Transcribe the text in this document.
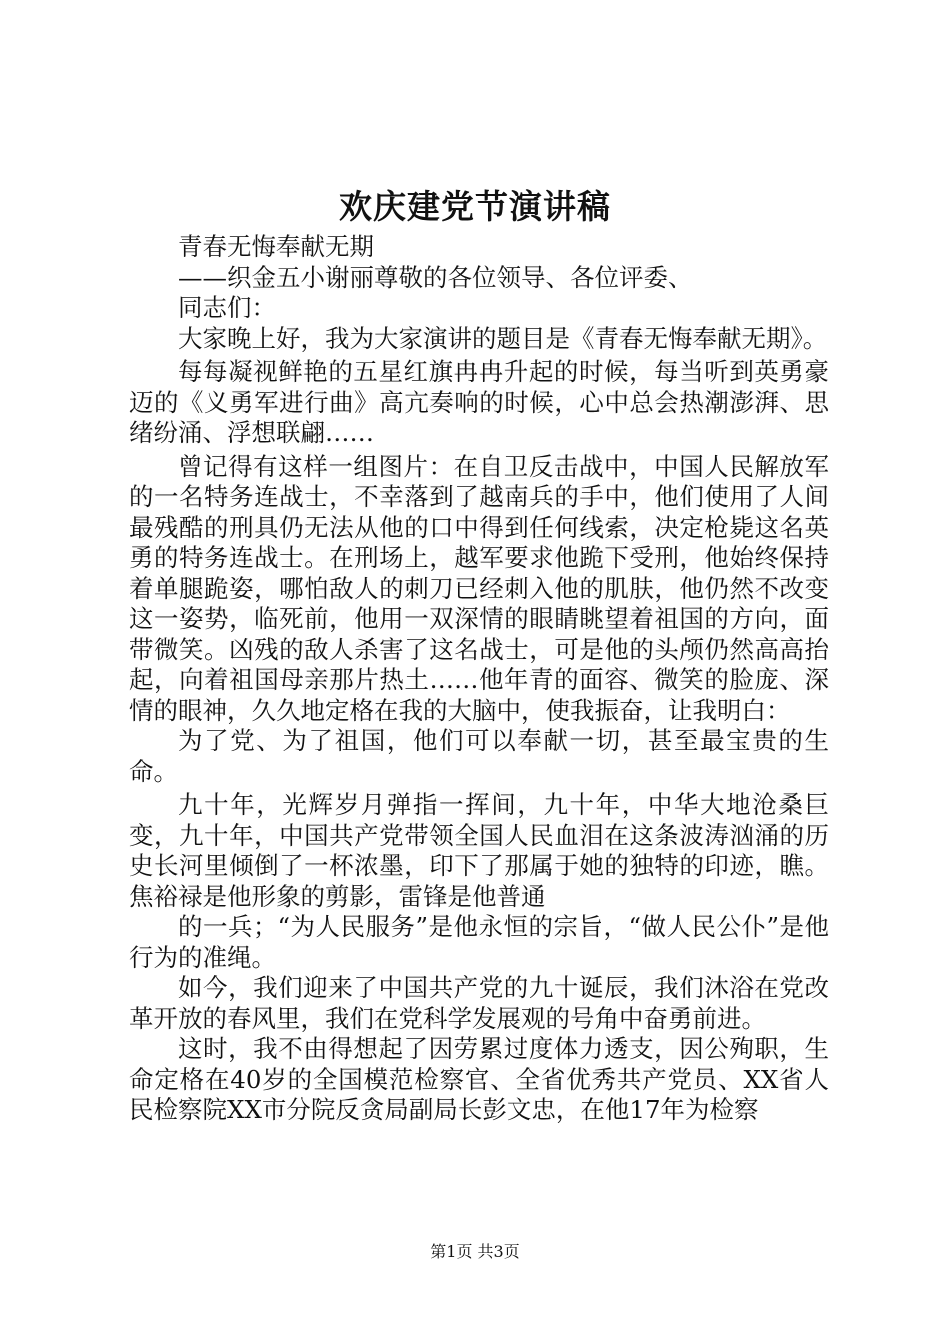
欢庆建党节演讲稿

青春无悔奉献无期

——织金五小谢丽尊敬的各位领导、各位评委、

同志们：

大家晚上好，我为大家演讲的题目是《青春无悔奉献无期》。

每每凝视鲜艳的五星红旗冉冉升起的时候，每当听到英勇豪迈的《义勇军进行曲》高亢奏响的时候，心中总会热潮澎湃、思绪纷涌、浮想联翩……

曾记得有这样一组图片：在自卫反击战中，中国人民解放军的一名特务连战士，不幸落到了越南兵的手中，他们使用了人间最残酷的刑具仍无法从他的口中得到任何线索，决定枪毙这名英勇的特务连战士。在刑场上，越军要求他跪下受刑，他始终保持着单腿跪姿，哪怕敌人的刺刀已经刺入他的肌肤，他仍然不改变这一姿势，临死前，他用一双深情的眼睛眺望着祖国的方向，面带微笑。凶残的敌人杀害了这名战士，可是他的头颅仍然高高抬起，向着祖国母亲那片热土……他年青的面容、微笑的脸庞、深情的眼神，久久地定格在我的大脑中，使我振奋，让我明白：

为了党、为了祖国，他们可以奉献一切，甚至最宝贵的生命。

九十年，光辉岁月弹指一挥间，九十年，中华大地沧桑巨变，九十年，中国共产党带领全国人民血泪在这条波涛汹涌的历史长河里倾倒了一杯浓墨，印下了那属于她的独特的印迹，瞧。焦裕禄是他形象的剪影，雷锋是他普通

的一兵；“为人民服务”是他永恒的宗旨，“做人民公仆”是他行为的准绳。

如今，我们迎来了中国共产党的九十诞辰，我们沐浴在党改革开放的春风里，我们在党科学发展观的号角中奋勇前进。

这时，我不由得想起了因劳累过度体力透支，因公殉职，生命定格在40岁的全国模范检察官、全省优秀共产党员、XX省人民检察院XX市分院反贪局副局长彭文忠，在他17年为检察

第1页 共3页
